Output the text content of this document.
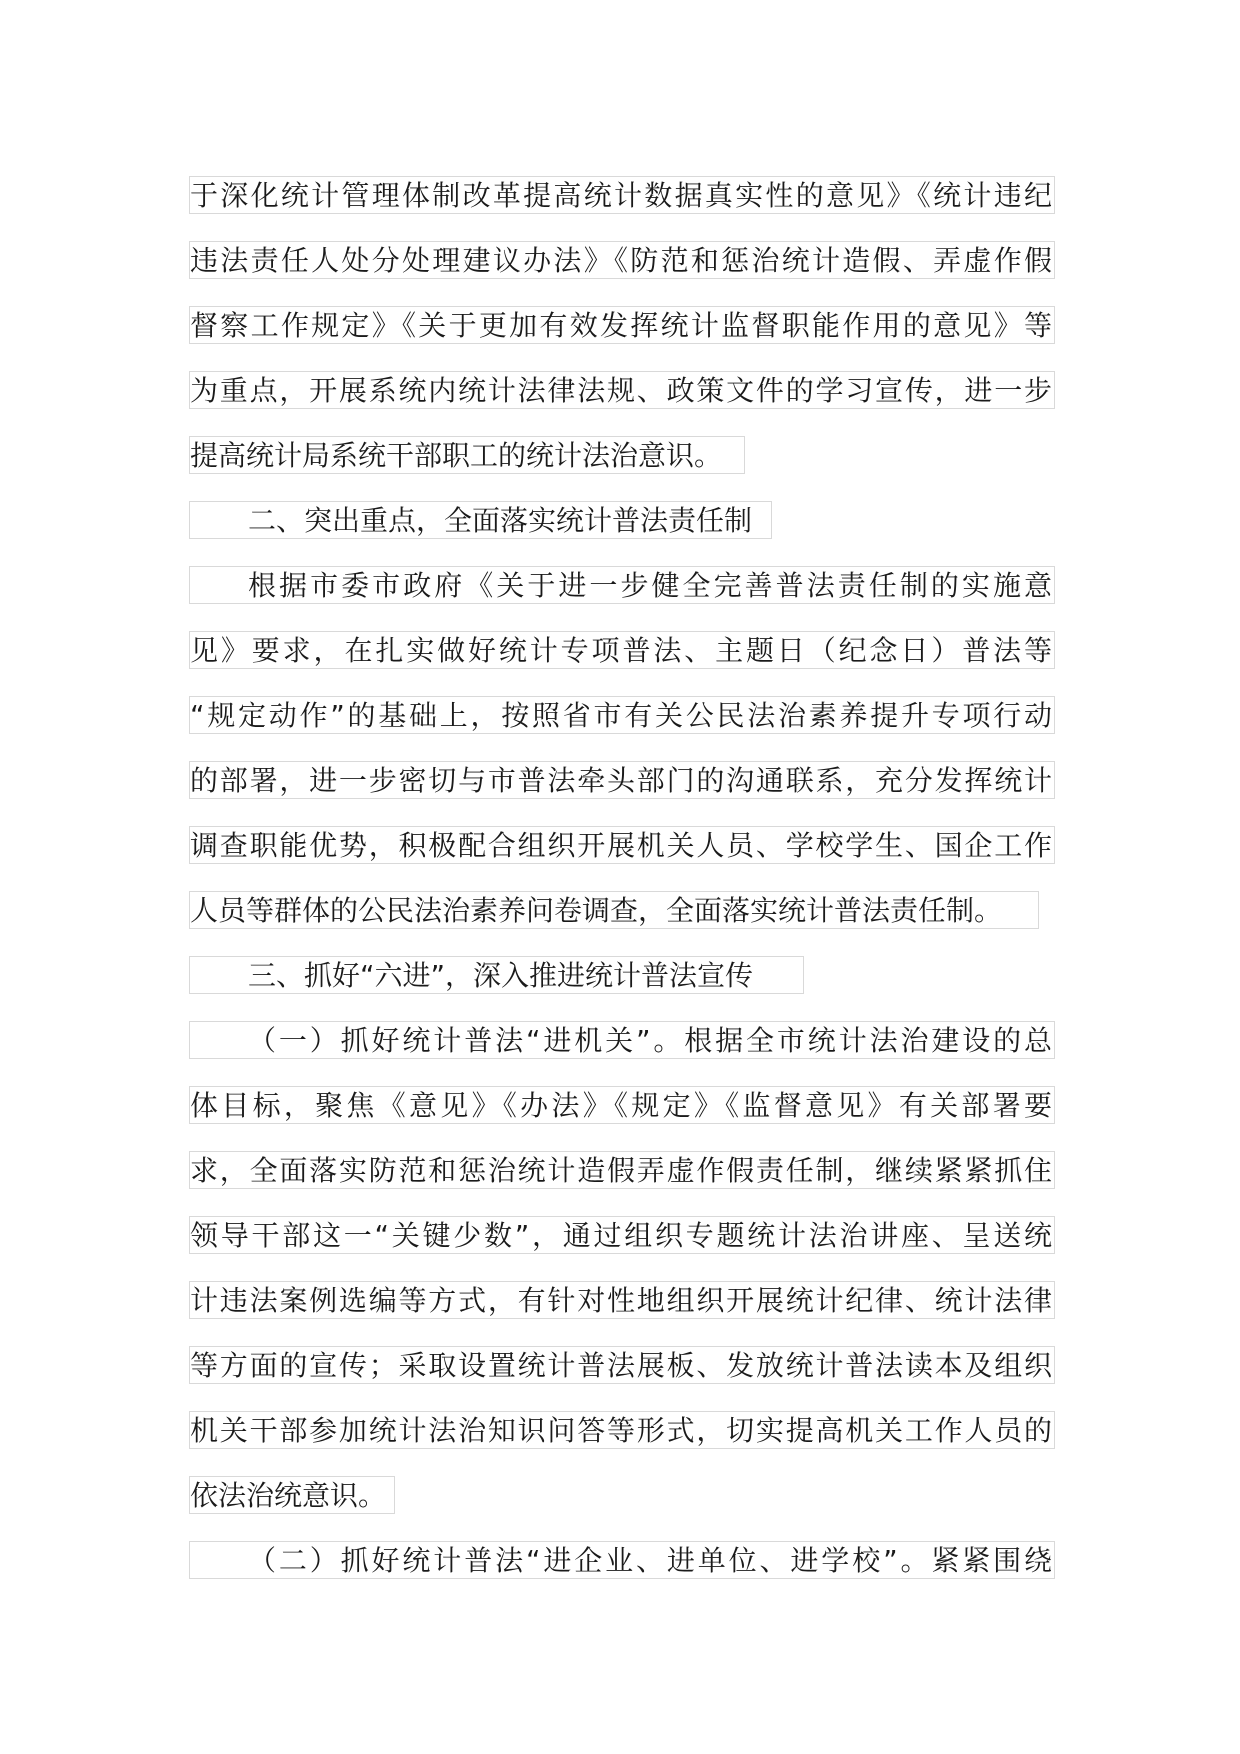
于深化统计管理体制改革提高统计数据真实性的意见》《统计违纪
违法责任人处分处理建议办法》《防范和惩治统计造假、弄虚作假
督察工作规定》《关于更加有效发挥统计监督职能作用的意见》等
为重点，开展系统内统计法律法规、政策文件的学习宣传，进一步
提高统计局系统干部职工的统计法治意识。
二、突出重点，全面落实统计普法责任制
根据市委市政府《关于进一步健全完善普法责任制的实施意
见》要求，在扎实做好统计专项普法、主题日（纪念日）普法等
“规定动作”的基础上，按照省市有关公民法治素养提升专项行动
的部署，进一步密切与市普法牵头部门的沟通联系，充分发挥统计
调查职能优势，积极配合组织开展机关人员、学校学生、国企工作
人员等群体的公民法治素养问卷调查，全面落实统计普法责任制。
三、抓好“六进”，深入推进统计普法宣传
（一）抓好统计普法“进机关”。根据全市统计法治建设的总
体目标，聚焦《意见》《办法》《规定》《监督意见》有关部署要
求，全面落实防范和惩治统计造假弄虚作假责任制，继续紧紧抓住
领导干部这一“关键少数”，通过组织专题统计法治讲座、呈送统
计违法案例选编等方式，有针对性地组织开展统计纪律、统计法律
等方面的宣传；采取设置统计普法展板、发放统计普法读本及组织
机关干部参加统计法治知识问答等形式，切实提高机关工作人员的
依法治统意识。
（二）抓好统计普法“进企业、进单位、进学校”。紧紧围绕
